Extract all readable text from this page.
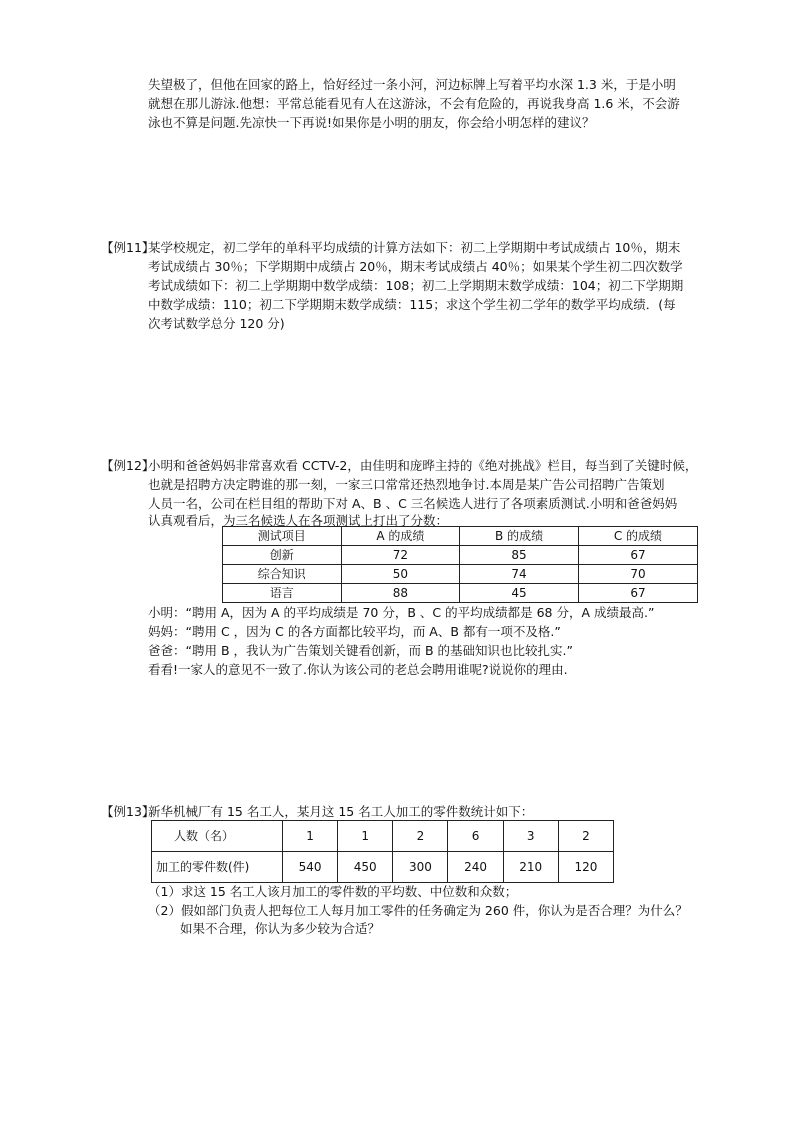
失望极了，但他在回家的路上，恰好经过一条小河，河边标牌上写着平均水深 1.3 米，于是小明
就想在那儿游泳.他想：平常总能看见有人在这游泳，不会有危险的，再说我身高 1.6 米，不会游
泳也不算是问题.先凉快一下再说!如果你是小明的朋友，你会给小明怎样的建议？
【例11】
某学校规定，初二学年的单科平均成绩的计算方法如下：初二上学期期中考试成绩占 10％，期末
考试成绩占 30％；下学期期中成绩占 20％，期末考试成绩占 40％；如果某个学生初二四次数学
考试成绩如下：初二上学期期中数学成绩：108；初二上学期期末数学成绩：104；初二下学期期
中数学成绩：110；初二下学期期末数学成绩：115；求这个学生初二学年的数学平均成绩．(每
次考试数学总分 120 分)
【例12】
小明和爸爸妈妈非常喜欢看 CCTV-2，由佳明和庞晔主持的《绝对挑战》栏目，每当到了关键时候，
也就是招聘方决定聘谁的那一刻，一家三口常常还热烈地争讨.本周是某广告公司招聘广告策划
人员一名，公司在栏目组的帮助下对 A、B 、C 三名候选人进行了各项素质测试.小明和爸爸妈妈
认真观看后，为三名候选人在各项测试上打出了分数：
测试项目	A 的成绩	B 的成绩	C 的成绩
创新	72	85	67
综合知识	50	74	70
语言	88	45	67
小明：“聘用 A，因为 A 的平均成绩是 70 分，B 、C 的平均成绩都是 68 分，A 成绩最高.”
妈妈：“聘用 C ，因为 C 的各方面都比较平均，而 A、B 都有一项不及格.”
爸爸：“聘用 B ，我认为广告策划关键看创新，而 B 的基础知识也比较扎实.”
看看!一家人的意见不一致了.你认为该公司的老总会聘用谁呢?说说你的理由.
【例13】
新华机械厂有 15 名工人，某月这 15 名工人加工的零件数统计如下：
人数（名）	1	1	2	6	3	2
加工的零件数(件)	540	450	300	240	210	120
（1）求这 15 名工人该月加工的零件数的平均数、中位数和众数；
（2）假如部门负责人把每位工人每月加工零件的任务确定为 260 件，你认为是否合理？为什么？
如果不合理，你认为多少较为合适？
